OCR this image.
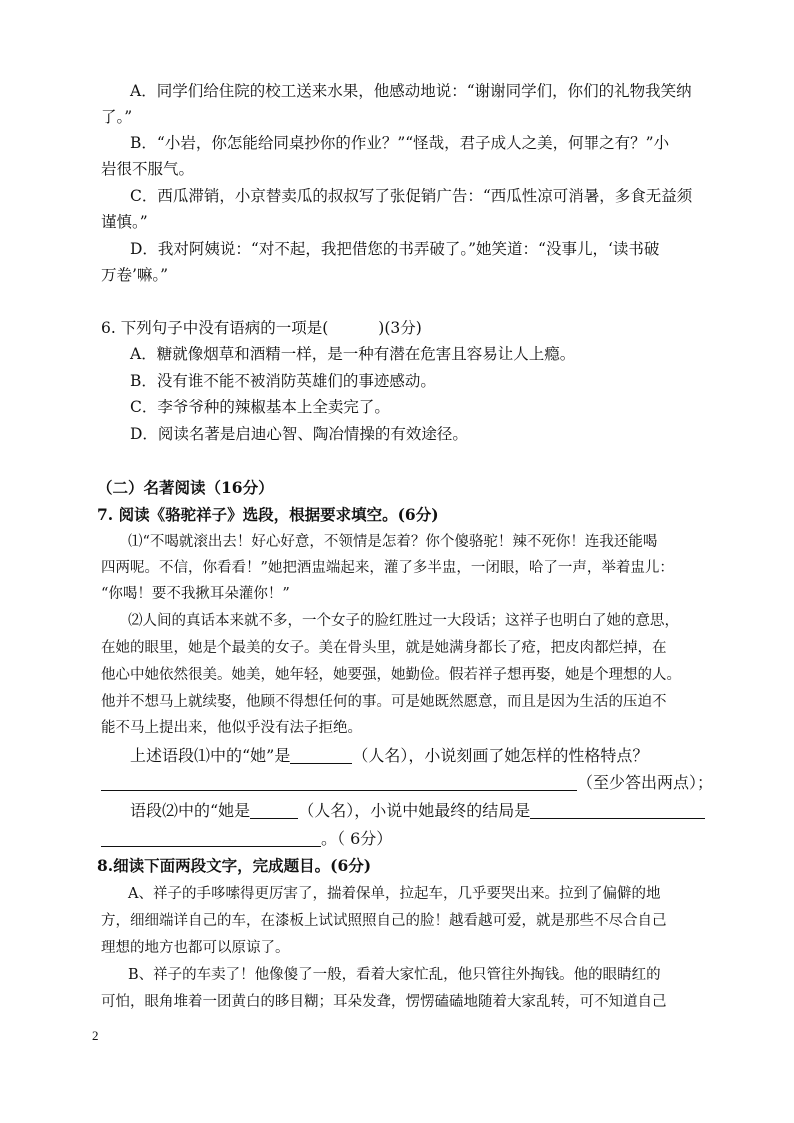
A．同学们给住院的校工送来水果，他感动地说：“谢谢同学们，你们的礼物我笑纳
了。”
B．“小岩，你怎能给同桌抄你的作业？”“怪哉，君子成人之美，何罪之有？”小
岩很不服气。
C．西瓜滞销，小京替卖瓜的叔叔写了张促销广告：“西瓜性凉可消暑，多食无益须
谨慎。”
D．我对阿姨说：“对不起，我把借您的书弄破了。”她笑道：“没事儿，‘读书破
万卷’嘛。”
6. 下列句子中没有语病的一项是(	)(3分)
A．糖就像烟草和酒精一样，是一种有潜在危害且容易让人上瘾。
B．没有谁不能不被消防英雄们的事迹感动。
C．李爷爷种的辣椒基本上全卖完了。
D．阅读名著是启迪心智、陶冶情操的有效途径。
（二）名著阅读（16分）
7. 阅读《骆驼祥子》选段，根据要求填空。(6分)
⑴“不喝就滚出去！好心好意，不领情是怎着？你个傻骆驼！辣不死你！连我还能喝
四两呢。不信，你看看！”她把酒盅端起来，灌了多半盅，一闭眼，哈了一声，举着盅儿：
“你喝！要不我揪耳朵灌你！”
⑵人间的真话本来就不多，一个女子的脸红胜过一大段话；这祥子也明白了她的意思，
在她的眼里，她是个最美的女子。美在骨头里，就是她满身都长了疮，把皮肉都烂掉，在
他心中她依然很美。她美，她年轻，她要强，她勤俭。假若祥子想再娶，她是个理想的人。
他并不想马上就续娶，他顾不得想任何的事。可是她既然愿意，而且是因为生活的压迫不
能不马上提出来，他似乎没有法子拒绝。
上述语段⑴中的“她”是	（人名），小说刻画了她怎样的性格特点？
（至少答出两点）；
语段⑵中的“她是	（人名），小说中她最终的结局是
。（ 6分）
8.细读下面两段文字，完成题目。(6分)
A、祥子的手哆嗦得更厉害了，揣着保单，拉起车，几乎要哭出来。拉到了偏僻的地
方，细细端详自己的车，在漆板上试试照照自己的脸！越看越可爱，就是那些不尽合自己
理想的地方也都可以原谅了。
B、祥子的车卖了！他像傻了一般，看着大家忙乱，他只管往外掏钱。他的眼睛红的
可怕，眼角堆着一团黄白的眵目糊；耳朵发聋，愣愣磕磕地随着大家乱转，可不知道自己
2
